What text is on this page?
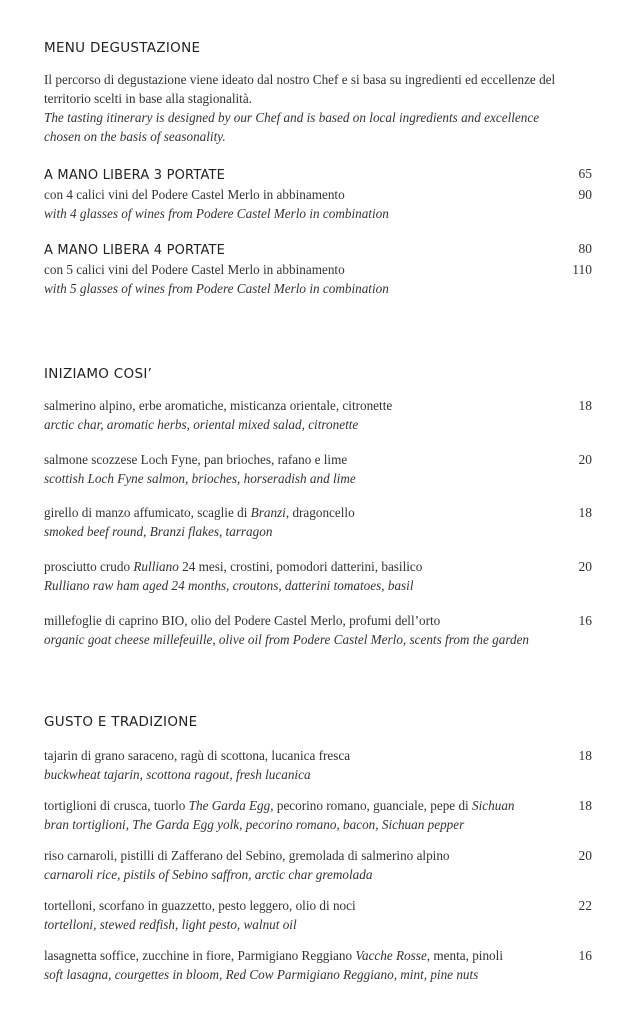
MENU DEGUSTAZIONE
Il percorso di degustazione viene ideato dal nostro Chef e si basa su ingredienti ed eccellenze del
territorio scelti in base alla stagionalità.
The tasting itinerary is designed by our Chef and is based on local ingredients and excellence
chosen on the basis of seasonality.
A MANO LIBERA 3 PORTATE	65
con 4 calici vini del Podere Castel Merlo in abbinamento	90
with 4 glasses of wines from Podere Castel Merlo in combination
A MANO LIBERA 4 PORTATE	80
con 5 calici vini del Podere Castel Merlo in abbinamento	110
with 5 glasses of wines from Podere Castel Merlo in combination
INIZIAMO COSI’
salmerino alpino, erbe aromatiche, misticanza orientale, citronette	18
arctic char, aromatic herbs, oriental mixed salad, citronette
salmone scozzese Loch Fyne, pan brioches, rafano e lime	20
scottish Loch Fyne salmon, brioches, horseradish and lime
girello di manzo affumicato, scaglie di Branzi, dragoncello	18
smoked beef round, Branzi flakes, tarragon
prosciutto crudo Rulliano 24 mesi, crostini, pomodori datterini, basilico	20
Rulliano raw ham aged 24 months, croutons, datterini tomatoes, basil
millefoglie di caprino BIO, olio del Podere Castel Merlo, profumi dell’orto	16
organic goat cheese millefeuille, olive oil from Podere Castel Merlo, scents from the garden
GUSTO E TRADIZIONE
tajarin di grano saraceno, ragù di scottona, lucanica fresca	18
buckwheat tajarin, scottona ragout, fresh lucanica
tortiglioni di crusca, tuorlo The Garda Egg, pecorino romano, guanciale, pepe di Sichuan	18
bran tortiglioni, The Garda Egg yolk, pecorino romano, bacon, Sichuan pepper
riso carnaroli, pistilli di Zafferano del Sebino, gremolada di salmerino alpino	20
carnaroli rice, pistils of Sebino saffron, arctic char gremolada
tortelloni, scorfano in guazzetto, pesto leggero, olio di noci	22
tortelloni, stewed redfish, light pesto, walnut oil
lasagnetta soffice, zucchine in fiore, Parmigiano Reggiano Vacche Rosse, menta, pinoli	16
soft lasagna, courgettes in bloom, Red Cow Parmigiano Reggiano, mint, pine nuts
